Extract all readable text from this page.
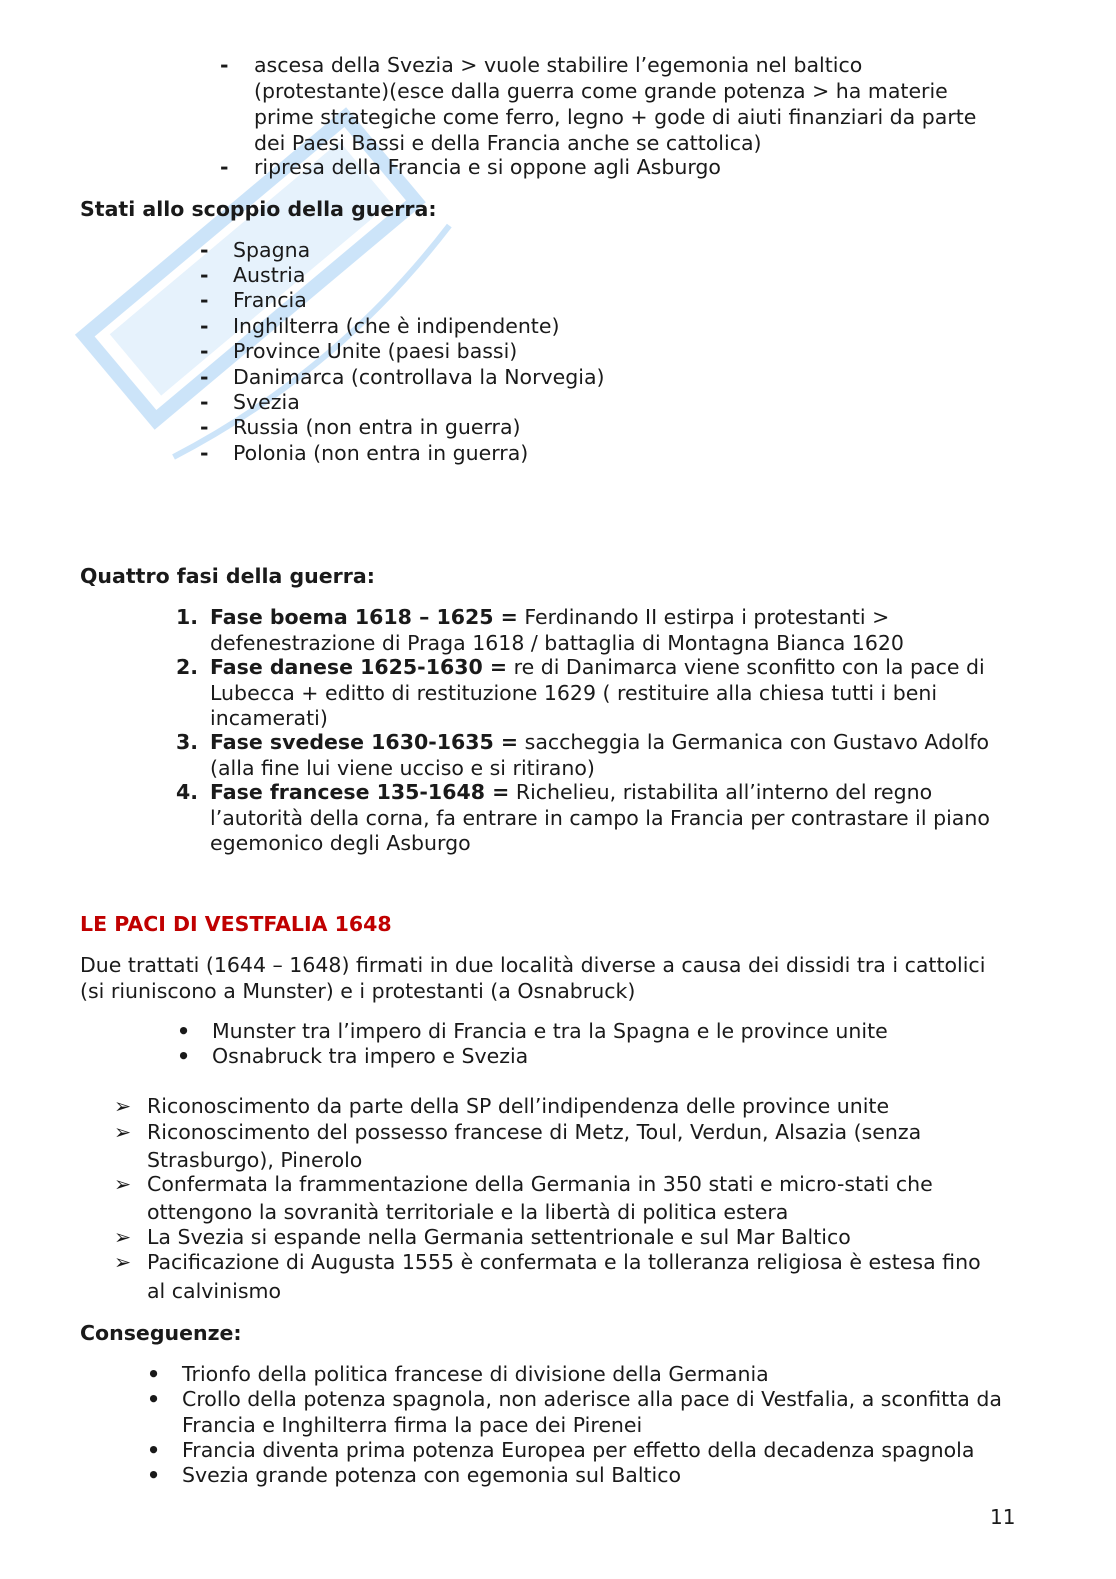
- ascesa della Svezia > vuole stabilire l’egemonia nel baltico
(protestante)(esce dalla guerra come grande potenza > ha materie
prime strategiche come ferro, legno + gode di aiuti finanziari da parte
dei Paesi Bassi e della Francia anche se cattolica)
- ripresa della Francia e si oppone agli Asburgo
Stati allo scoppio della guerra:
- Spagna
- Austria
- Francia
- Inghilterra (che è indipendente)
- Province Unite (paesi bassi)
- Danimarca (controllava la Norvegia)
- Svezia
- Russia (non entra in guerra)
- Polonia (non entra in guerra)
Quattro fasi della guerra:
1. Fase boema 1618 – 1625 = Ferdinando II estirpa i protestanti >
defenestrazione di Praga 1618 / battaglia di Montagna Bianca 1620
2. Fase danese 1625-1630 = re di Danimarca viene sconfitto con la pace di
Lubecca + editto di restituzione 1629 ( restituire alla chiesa tutti i beni
incamerati)
3. Fase svedese 1630-1635 = saccheggia la Germanica con Gustavo Adolfo
(alla fine lui viene ucciso e si ritirano)
4. Fase francese 135-1648 = Richelieu, ristabilita all’interno del regno
l’autorità della corna, fa entrare in campo la Francia per contrastare il piano
egemonico degli Asburgo
LE PACI DI VESTFALIA 1648
Due trattati (1644 – 1648) firmati in due località diverse a causa dei dissidi tra i cattolici
(si riuniscono a Munster) e i protestanti (a Osnabruck)
• Munster tra l’impero di Francia e tra la Spagna e le province unite
• Osnabruck tra impero e Svezia
➢ Riconoscimento da parte della SP dell’indipendenza delle province unite
➢ Riconoscimento del possesso francese di Metz, Toul, Verdun, Alsazia (senza
Strasburgo), Pinerolo
➢ Confermata la frammentazione della Germania in 350 stati e micro-stati che
ottengono la sovranità territoriale e la libertà di politica estera
➢ La Svezia si espande nella Germania settentrionale e sul Mar Baltico
➢ Pacificazione di Augusta 1555 è confermata e la tolleranza religiosa è estesa fino
al calvinismo
Conseguenze:
• Trionfo della politica francese di divisione della Germania
• Crollo della potenza spagnola, non aderisce alla pace di Vestfalia, a sconfitta da
Francia e Inghilterra firma la pace dei Pirenei
• Francia diventa prima potenza Europea per effetto della decadenza spagnola
• Svezia grande potenza con egemonia sul Baltico
11
